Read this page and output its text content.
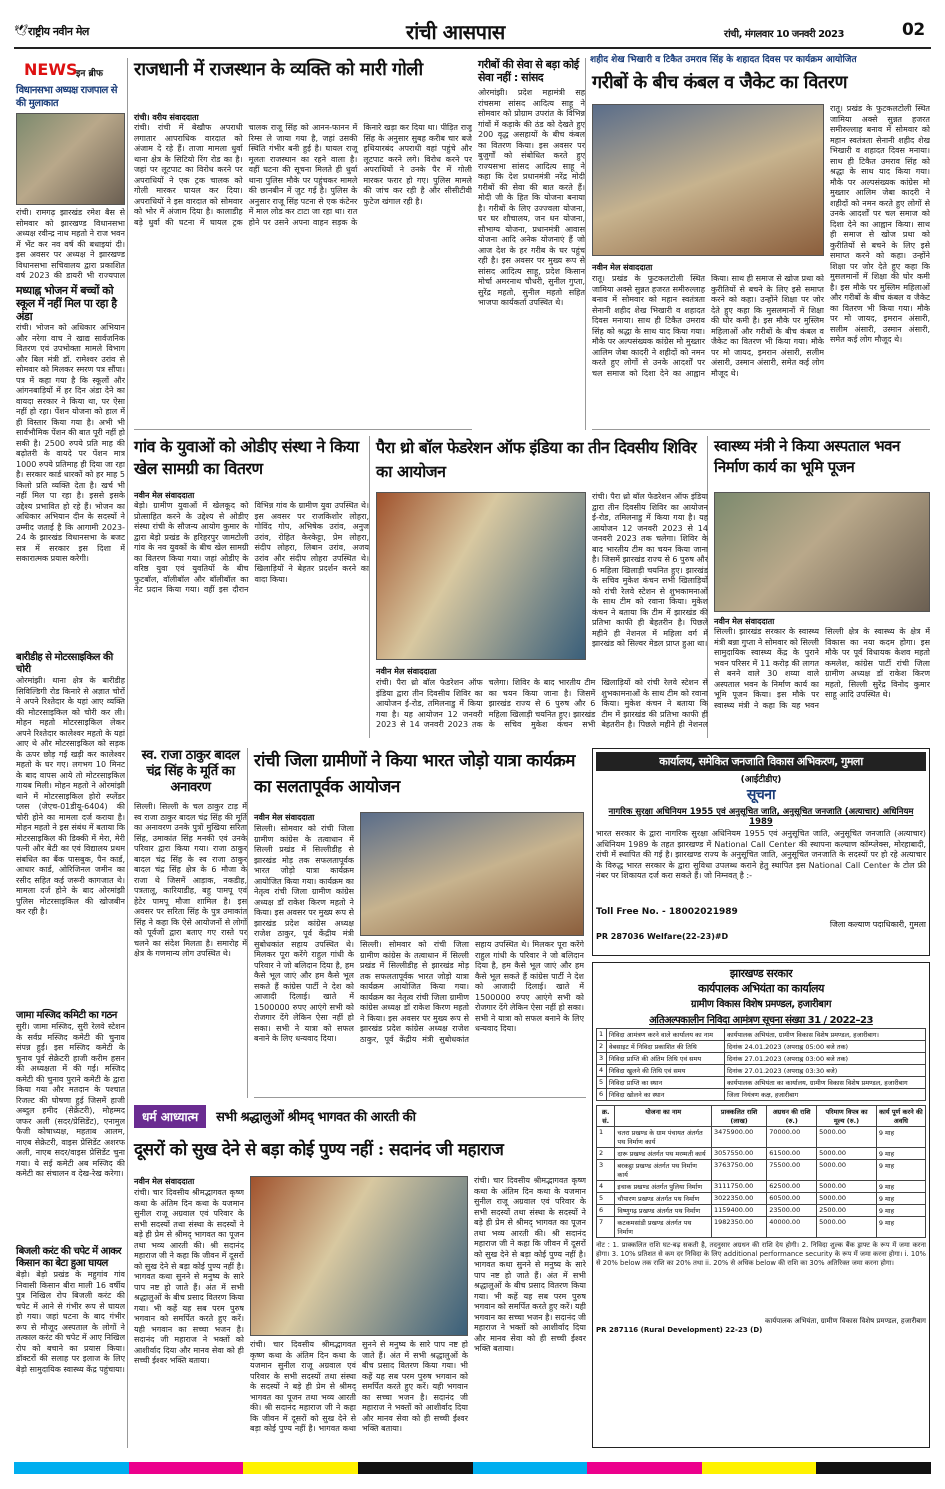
🕊 राष्ट्रीय नवीन मेल	रांची आसपास	रांची, मंगलवार 10 जनवरी 2023	02
शहीद शेख भिखारी व टिकैत उमराव सिंह के शहादत दिवस पर कार्यक्रम आयोजित
NEWS
इन ब्रीफ
विधानसभा अध्यक्ष राजपाल से की मुलाकात
रांची। रामगढ़ झारखंड रमेश बैस से सोमवार को झारखण्ड विधानसभा अध्यक्ष रवीन्द्र नाथ महतो ने राज भवन में भेंट कर नव वर्ष की बधाइयां दी। इस अवसर पर अध्यक्ष ने झारखण्ड विधानसभा सचिवालय द्वारा प्रकाशित वर्ष 2023 की डायरी भी राज्यपाल
मध्याह्न भोजन में बच्चों को स्कूल में नहीं मिल पा रहा है अंडा
रांची। भोजन को अधिकार अभियान और नरेगा वाच ने खाद्य सार्वजनिक वितरण एवं उपभोक्ता मामले विभाग और बिल मंत्री डॉ. रामेश्वर उरांव से सोमवार को मिलकर स्मरण पत्र सौंपा। पत्र में कहा गया है कि स्कूलों और आंगनबाड़ियों में हर दिन अंडा देने का वायदा सरकार ने किया था, पर ऐसा नहीं हो रहा। पेंशन योजना को हाल में ही विस्तार किया गया है। अभी भी सार्वभौमिक पेंशन की बात पूरी नहीं हो सकी है। 2500 रुपये प्रति माह की बढ़ोतरी के वायदे पर पेंशन मात्र 1000 रुपये प्रतिमाह ही दिया जा रहा है। सरकार कार्ड धारकों को हर माह 5 किलो प्रति व्यक्ति देता है। खर्च भी नहीं मिल पा रहा है। इससे इसके उद्देश्य प्रभावित हो रहे हैं। भोजन का अधिकार अभियान दीन के सदस्यों ने उम्मीद जताई है कि आगामी 2023-24 के झारखंड विधानसभा के बजट सत्र में सरकार इस दिशा में सकारात्मक प्रयास करेगी।
बारीडीह से मोटरसाइकिल की चोरी
ओरमांझी। थाना क्षेत्र के बारीडीह सिविल्डिगी रोड किनारे से अज्ञात चोरों ने अपने रिश्तेदार के यहां आए व्यक्ति की मोटरसाइकिल को चोरी कर ली। मोहन महतो मोटरसाइकिल लेकर अपने रिश्तेदार कालेश्वर महतो के यहां आए थे और मोटरसाइकिल को सड़क के ऊपर छोड़ गई खड़ी कर कालेश्वर महतो के घर गए। लगभग 10 मिनट के बाद वापस आये तो मोटरसाइकिल गायब मिली। मोहन महतो ने ओरमांझी थाने में मोटरसाइकिल होरो स्प्लेंडर प्लस (जेएच-01डीयू-6404) की चोरी होने का मामला दर्ज कराया है। मोहन महतो ने इस संबंध में बताया कि मोटरसाइकिल की डिक्की में मेरा, मेरी पत्नी और बेटी का एवं विद्यालय प्रथम संबधित का बैंक पासबुक, पैन कार्ड, आधार कार्ड, ओरिजिनल जमीन का रसीद सहित कई जरूरी कागजात थे। मामला दर्ज होने के बाद ओरमांझी पुलिस मोटरसाइकिल की खोजबीन कर रही है।
जामा मस्जिद कमिटी का गठन
सुरी। जामा मस्जिद, सुरी रेलवे स्टेशन के सर्वप्र मस्जिद कमेटी की चुनाव संपन्न हुई। इस मस्जिद कमेटी के चुनाव पूर्व सेक्रेटरी हाजी करीम हसन की अध्यक्षता में की गई। मस्जिद कमेटी की चुनाव पुराने कमेटी के द्वारा किया गया और मतदान के पश्चात रिजल्ट की घोषणा हुई जिसमें हाजी अब्दुल हमीद (सेक्रेटरी), मोहम्मद जफर अली (सदर/प्रेसिडेंट), एनामुल फैजी कोषाध्यक्ष, महताब आलम, नाएब सेक्रेटरी, वाइस प्रेसिडेंट अशरफ अली, नाएब सदर/वाइस प्रेसिडेंट चुना गया। ये सई कमेटी अब मस्जिद की कमेटी का संचालन व देख-रेख करेगा।
बिजली करंट की चपेट में आकर किसान का बेटा हुआ घायल
बेड़ो। बेड़ो प्रखंड के महुगांव गांव निवासी किसान बीरा माली 16 वर्षीय पुत्र निखिल रोप बिजली करंट की चपेट में आने से गंभीर रूप से घायल हो गया। जहां घटना के बाद गंभीर रूप से मौजूद अस्पताल के लोगों ने तत्काल करंट की चपेट में आए निखिल रोप को बचाने का प्रयास किया। डॉक्टरों की सलाह पर इलाज के लिए बेड़ो सामुदायिक स्वास्थ्य केंद्र पहुंचाया।
राजधानी में राजस्थान के व्यक्ति को मारी गोली
रांची। वरीय संवाददाता
रांची। रांची में बेखौफ अपराधी लगातार आपराधिक वारदात को अंजाम दे रहे हैं। ताजा मामला धुर्वा थाना क्षेत्र के सिटियो रिंग रोड का है। जहां पर लूटपाट का विरोध करने पर अपराधियों ने एक ट्रक चालक को गोली मारकर घायल कर दिया। अपराधियों ने इस वारदात को सोमवार को भोर में अंजाम दिया है। कालाडीह बड़े धुर्वा की घटना में घायल ट्रक चालक राजू सिंह को आनन-फानन में रिम्स ले जाया गया है, जहां उसकी स्थिति गंभीर बनी हुई है। घायल राजू मूलतः राजस्थान का रहने वाला है। वहीं घटना की सूचना मिलते ही धुर्वा थाना पुलिस मौके पर पहुंचकर मामले की छानबीन में जुट गई है। पुलिस के अनुसार राजू सिंह पटना से एक कंटेनर में माल लोड कर टाटा जा रहा था। रात होने पर उसने अपना वाहन सड़क के किनारे खड़ा कर दिया था। पीड़ित राजू सिंह के अनुसार सुबह करीब चार बजे हथियारबंद अपराधी वहां पहुंचे और लूटपाट करने लगे। विरोध करने पर अपराधियों ने उनके पैर में गोली मारकर फरार हो गए। पुलिस मामले की जांच कर रही है और सीसीटीवी फुटेज खंगाल रही है।
गरीबों की सेवा से बड़ा कोई सेवा नहीं : सांसद
ओरमांझी। प्रदेश महामंत्री सह रांचसमा सांसद आदित्य साहू ने सोमवार को प्रोग्राम उपरांत के विभिन्न गांवों में कड़ाके की ठंड को देखते हुए 200 वृद्ध असहायों के बीच कंबल का वितरण किया। इस अवसर पर बुजुर्गों को संबोधित करते हुए राज्यसभा सांसद आदित्य साहू ने कहा कि देश प्रधानमंत्री नरेंद्र मोदी गरीबों की सेवा की बात करते हैं। मोदी जी के हित कि योजना बनाया है। गरीबों के लिए उज्ज्वला योजना, घर घर शौचालय, जन धन योजना, सौभाग्य योजना, प्रधानमंत्री आवास योजना आदि अनेक योजनाएं हैं जो आज देश के हर गरीब के घर पहुंच रही है। इस अवसर पर मुख्य रूप से सांसद आदित्य साहू, प्रदेश किसान मोर्चा अमरनाथ चौधरी, सुनील गुप्ता, सुरेंद्र महतो, सुनील महतो सहित भाजपा कार्यकर्ता उपस्थित थे।
गरीबों के बीच कंबल व जैकेट का वितरण
रातू। प्रखंड के फुटकलटोली स्थित जामिया अक्से सुन्नत हजरत समीरुल्लाह बनाव में सोमवार को महान स्वतंत्रता सेनानी शहीद शेख भिखारी व शहादत दिवस मनाया। साथ ही टिकैत उमराव सिंह को श्रद्धा के साथ याद किया गया। मौके पर अल्पसंख्यक कांग्रेस मो मुख्तार आलिम जेबा कादरी ने शहीदों को नमन करते हुए लोगों से उनके आदर्शों पर चल समाज को दिशा देने का आह्वान किया। साथ ही समाज से खोज प्रथा को कुरीतियों से बचने के लिए इसे समाप्त करने को कहा। उन्होंने शिक्षा पर जोर देते हुए कहा कि मुसलमानों में शिक्षा की घोर कमी है। इस मौके पर मुस्लिम महिलाओं और गरीबों के बीच कंबल व जैकेट का वितरण भी किया गया। मौके पर मो जायद, इमरान अंसारी, सलीम अंसारी, उस्मान अंसारी, समेत कई लोग मौजूद थे।
नवीन मेल संवाददाता
रातू। प्रखंड के फुटकलटोली स्थित जामिया अक्से सुन्नत हजरत समीरुल्लाह बनाव में सोमवार को महान स्वतंत्रता सेनानी शहीद शेख भिखारी व शहादत दिवस मनाया। साथ ही टिकैत उमराव सिंह को श्रद्धा के साथ याद किया गया। मौके पर अल्पसंख्यक कांग्रेस मो मुख्तार आलिम जेबा कादरी ने शहीदों को नमन करते हुए लोगों से उनके आदर्शों पर चल समाज को दिशा देने का आह्वान किया। साथ ही समाज से खोज प्रथा को कुरीतियों से बचने के लिए इसे समाप्त करने को कहा। उन्होंने शिक्षा पर जोर देते हुए कहा कि मुसलमानों में शिक्षा की घोर कमी है। इस मौके पर मुस्लिम महिलाओं और गरीबों के बीच कंबल व जैकेट का वितरण भी किया गया। मौके पर मो जायद, इमरान अंसारी, सलीम अंसारी, उस्मान अंसारी, समेत कई लोग मौजूद थे।
गांव के युवाओं को ओडीए संस्था ने किया खेल सामग्री का वितरण
नवीन मेल संवाददाता
बेड़ो। ग्रामीण युवाओं में खेलकूद को प्रोत्साहित करने के उद्देश्य से ओडीए संस्था रांची के सौजन्य आयोग कुमार के द्वारा बेड़ो प्रखंड के हरिहरपुर जामटोली गांव के नव युवकों के बीच खेल सामग्री का वितरण किया गया। जहां ओडीए के वरिष्ठ युवा एवं युवतियों के बीच फुटबॉल, वॉलीबॉल और बॉलीबॉल का नेट प्रदान किया गया। वहीं इस दौरान विभिन्न गांव के ग्रामीण युवा उपस्थित थे। इस अवसर पर राजकिशोर लोहरा, गोविंद गोप, अभिषेक उरांव, अनुज उरांव, रोहित केरकेट्टा, प्रेम लोहरा, संदीप लोहरा, लिबान उरांव, अजय उरांव और संदीप लोहरा उपस्थित थे। खिलाड़ियों ने बेहतर प्रदर्शन करने का वादा किया।
पैरा थ्रो बॉल फेडरेशन ऑफ इंडिया का तीन दिवसीय शिविर का आयोजन
रांची। पैरा थ्रो बॉल फेडरेशन ऑफ इंडिया द्वारा तीन दिवसीय शिविर का आयोजन ई-रोड, तमिलनाडु में किया गया है। यह आयोजन 12 जनवरी 2023 से 14 जनवरी 2023 तक चलेगा। शिविर के बाद भारतीय टीम का चयन किया जाना है। जिसमें झारखंड राज्य से 6 पुरुष और 6 महिला खिलाड़ी चयनित हुए। झारखंड के सचिव मुकेश कंचन सभी खिलाड़ियों को रांची रेलवे स्टेशन से शुभकामनाओं के साथ टीम को रवाना किया। मुकेश कंचन ने बताया कि टीम में झारखंड की प्रतिभा काफी ही बेहतरीन है। पिछले महीने ही नेशनल में महिला वर्ग में झारखंड को सिल्वर मेडल प्राप्त हुआ था।
नवीन मेल संवाददाता
रांची। पैरा थ्रो बॉल फेडरेशन ऑफ इंडिया द्वारा तीन दिवसीय शिविर का आयोजन ई-रोड, तमिलनाडु में किया गया है। यह आयोजन 12 जनवरी 2023 से 14 जनवरी 2023 तक चलेगा। शिविर के बाद भारतीय टीम का चयन किया जाना है। जिसमें झारखंड राज्य से 6 पुरुष और 6 महिला खिलाड़ी चयनित हुए। झारखंड के सचिव मुकेश कंचन सभी खिलाड़ियों को रांची रेलवे स्टेशन से शुभकामनाओं के साथ टीम को रवाना किया। मुकेश कंचन ने बताया कि टीम में झारखंड की प्रतिभा काफी ही बेहतरीन है। पिछले महीने ही नेशनल
स्वास्थ्य मंत्री ने किया अस्पताल भवन निर्माण कार्य का भूमि पूजन
नवीन मेल संवाददाता
सिल्ली। झारखंड सरकार के स्वास्थ्य मंत्री बन्ना गुप्ता ने सोमवार को सिल्ली सामुदायिक स्वास्थ्य केंद्र के पुराने भवन परिसर में 11 करोड़ की लागत से बनने वाले 30 शय्या वाले अस्पताल भवन के निर्माण कार्य का भूमि पूजन किया। इस मौके पर स्वास्थ्य मंत्री ने कहा कि यह भवन सिल्ली क्षेत्र के स्वास्थ्य के क्षेत्र में विकास का नया कदम होगा। इस मौके पर पूर्व विधायक केशव महतो कमलेश, कांग्रेस पार्टी रांची जिला ग्रामीण अध्यक्ष डॉ राकेश किरण महतो, सिल्ली सुरेंद्र विनोद कुमार साहू आदि उपस्थित थे।
स्व. राजा ठाकुर बादल चंद्र सिंह के मूर्ति का अनावरण
सिल्ली। सिल्ली के चल ठाकुर टाड़ में स्व राजा ठाकुर बादल चंद्र सिंह की मूर्ति का अनावरण उनके पुत्रों मुखिया सरिता सिंह, उमाकांत सिंह मनकी एवं उनके परिवार द्वारा किया गया। राजा ठाकुर बादल चंद्र सिंह के स्व राजा ठाकुर बादल चंद्र सिंह क्षेत्र के 6 मौजा के राजा थे जिसमें आड़ाक, नकडीह, पत्रतालू, कारियाडीह, बहु पामपू एवं हेटेर पामपू मौजा शामिल है। इस अवसर पर सरिता सिंह के पुत्र उमाकांत सिंह ने कहा कि ऐसे आयोजनों से लोगों को पूर्वजों द्वारा बताए गए रास्ते पर चलने का संदेश मिलता है। समारोह में क्षेत्र के गणमान्य लोग उपस्थित थे।
रांची जिला ग्रामीणों ने किया भारत जोड़ो यात्रा कार्यक्रम का सलतापूर्वक आयोजन
नवीन मेल संवाददाता
सिल्ली। सोमवार को रांची जिला ग्रामीण कांग्रेस के तत्वाधान में सिल्ली प्रखंड में सिल्लीडीह से झारखंड मोड़ तक सफलतापूर्वक भारत जोड़ो यात्रा कार्यक्रम आयोजित किया गया। कार्यक्रम का नेतृत्व रांची जिला ग्रामीण कांग्रेस अध्यक्ष डॉ राकेश किरण महतो ने किया। इस अवसर पर मुख्य रूप से झारखंड प्रदेश कांग्रेस अध्यक्ष राजेश ठाकुर, पूर्व केंद्रीय मंत्री सुबोधकांत सहाय उपस्थित थे। मिलकर पूरा करेंगे राहुल गांधी के परिवार ने जो बलिदान दिया है, हम कैसे भूल जाएं और हम कैसे भूल सकते हैं कांग्रेस पार्टी ने देश को आजादी दिलाई। खाते में 1500000 रुपए आएंगे सभी को रोजगार देंगे लेकिन ऐसा नहीं हो सका। सभी ने यात्रा को सफल बनाने के लिए धन्यवाद दिया।
सिल्ली। सोमवार को रांची जिला ग्रामीण कांग्रेस के तत्वाधान में सिल्ली प्रखंड में सिल्लीडीह से झारखंड मोड़ तक सफलतापूर्वक भारत जोड़ो यात्रा कार्यक्रम आयोजित किया गया। कार्यक्रम का नेतृत्व रांची जिला ग्रामीण कांग्रेस अध्यक्ष डॉ राकेश किरण महतो ने किया। इस अवसर पर मुख्य रूप से झारखंड प्रदेश कांग्रेस अध्यक्ष राजेश ठाकुर, पूर्व केंद्रीय मंत्री सुबोधकांत सहाय उपस्थित थे। मिलकर पूरा करेंगे राहुल गांधी के परिवार ने जो बलिदान दिया है, हम कैसे भूल जाएं और हम कैसे भूल सकते हैं कांग्रेस पार्टी ने देश को आजादी दिलाई। खाते में 1500000 रुपए आएंगे सभी को रोजगार देंगे लेकिन ऐसा नहीं हो सका। सभी ने यात्रा को सफल बनाने के लिए धन्यवाद दिया।
कार्यालय, समेकित जनजाति विकास अभिकरण, गुमला
(आईटीडीए)
सूचना
नागरिक सुरक्षा अधिनियम 1955 एवं अनुसूचित जाति, अनुसूचित जनजाति (अत्याचार) अधिनियम 1989
भारत सरकार के द्वारा नागरिक सुरक्षा अधिनियम 1955 एवं अनुसूचित जाति, अनुसूचित जनजाति (अत्याचार) अधिनियम 1989 के तहत झारखण्ड में National Call Center की स्थापना कल्याण कॉम्प्लेक्स, मोरहाबादी, रांची में स्थापित की गई है। झारखण्ड राज्य के अनुसूचित जाति, अनुसूचित जनजाति के सदस्यों पर हो रहे अत्याचार के विरुद्ध भारत सरकार के द्वारा सुविधा उपलब्ध कराने हेतु स्थापित इस National Call Center के टोल फ्री नंबर पर शिकायत दर्ज करा सकते हैं। जो निम्नवत् है :-
Toll Free No. - 18002021989
जिला कल्याण पदाधिकारी, गुमला
PR 287036 Welfare(22-23)#D
झारखण्ड सरकार
कार्यपालक अभियंता का कार्यालय
ग्रामीण विकास विशेष प्रमण्डल, हजारीबाग
अतिअल्पकालीन निविदा आमंत्रण सूचना संख्या 31 / 2022–23
1	निविदा आमंत्रण करने वाले कार्यालय का नाम	कार्यपालक अभियंता, ग्रामीण विकास विशेष प्रमण्डल, हजारीबाग।
2	वेबसाइट में निविदा प्रकाशित की तिथि	दिनांक 24.01.2023 (अपराह्न 05:00 बजे तक)
3	निविदा प्राप्ति की अंतिम तिथि एवं समय	दिनांक 27.01.2023 (अपराह्न 03:00 बजे तक)
4	निविदा खुलने की तिथि एवं समय	दिनांक 27.01.2023 (अपराह्न 03:30 बजे)
5	निविदा प्राप्ति का स्थान	कार्यपालक अभियंता का कार्यालय, ग्रामीण विकास विशेष प्रमण्डल, हजारीबाग
6	निविदा खोलने का स्थान	जिला नियंत्रण कक्ष, हजारीबाग
क्र. सं.	योजना का नाम	प्राक्कलित राशि (लाख)	अग्रधन की राशि (रु.)	परिमाण विपत्र का मूल्य (रु.)	कार्य पूर्ण करने की अवधि
1	चतरा प्रखण्ड के ग्राम पंचायत अंतर्गत पथ निर्माण कार्य	3475900.00	70000.00	5000.00	9 माह
2	दारू प्रखण्ड अंतर्गत पथ मरम्मती कार्य	3057550.00	61500.00	5000.00	9 माह
3	बरकट्ठा प्रखण्ड अंतर्गत पथ निर्माण कार्य	3763750.00	75500.00	5000.00	9 माह
4	इचाक प्रखण्ड अंतर्गत पुलिया निर्माण	3111750.00	62500.00	5000.00	9 माह
5	चौपारण प्रखण्ड अंतर्गत पथ निर्माण	3022350.00	60500.00	5000.00	9 माह
6	विष्णुगढ़ प्रखण्ड अंतर्गत पथ निर्माण	1159400.00	23500.00	2500.00	9 माह
7	कटकमसांडी प्रखण्ड अंतर्गत पथ निर्माण	1982350.00	40000.00	5000.00	9 माह
नोट : 1. प्राक्कलित राशि घट-बढ़ सकती है, तदनुसार अग्रधन की राशि देय होगी। 2. निविदा शुल्क बैंक ड्राफ्ट के रूप में जमा करना होगा। 3. 10% प्रतिशत से कम दर निविदा के लिए additional performance security के रूप में जमा करना होगा। i. 10% से 20% below तक राशि का 20% तथा ii. 20% से अधिक below की राशि का 30% अतिरिक्त जमा करना होगा।
कार्यपालक अभियंता, ग्रामीण विकास विशेष प्रमण्डल, हजारीबाग
PR 287116 (Rural Development) 22-23 (D)
धर्म आध्यात्म	सभी श्रद्धालुओं श्रीमद् भागवत की आरती की
दूसरों को सुख देने से बड़ा कोई पुण्य नहीं : सदानंद जी महाराज
नवीन मेल संवाददाता
रांची। चार दिवसीय श्रीमद्भागवत कृष्ण कथा के अंतिम दिन कथा के यजमान सुनील राजू अग्रवाल एवं परिवार के सभी सदस्यों तथा संस्था के सदस्यों ने बड़े ही प्रेम से श्रीमद् भागवत का पूजन तथा भव्य आरती की। श्री सदानंद महाराज जी ने कहा कि जीवन में दूसरों को सुख देने से बड़ा कोई पुण्य नहीं है। भागवत कथा सुनने से मनुष्य के सारे पाप नष्ट हो जाते हैं। अंत में सभी श्रद्धालुओं के बीच प्रसाद वितरण किया गया। भी कहें यह सब परम पुरुष भगवान को समर्पित करते हुए करें। यही भगवान का सच्चा भजन है। सदानंद जी महाराज ने भक्तों को आशीर्वाद दिया और मानव सेवा को ही सच्ची ईश्वर भक्ति बताया।
रांची। चार दिवसीय श्रीमद्भागवत कृष्ण कथा के अंतिम दिन कथा के यजमान सुनील राजू अग्रवाल एवं परिवार के सभी सदस्यों तथा संस्था के सदस्यों ने बड़े ही प्रेम से श्रीमद् भागवत का पूजन तथा भव्य आरती की। श्री सदानंद महाराज जी ने कहा कि जीवन में दूसरों को सुख देने से बड़ा कोई पुण्य नहीं है। भागवत कथा सुनने से मनुष्य के सारे पाप नष्ट हो जाते हैं। अंत में सभी श्रद्धालुओं के बीच प्रसाद वितरण किया गया। भी कहें यह सब परम पुरुष भगवान को समर्पित करते हुए करें। यही भगवान का सच्चा भजन है। सदानंद जी महाराज ने भक्तों को आशीर्वाद दिया और मानव सेवा को ही सच्ची ईश्वर भक्ति बताया।
रांची। चार दिवसीय श्रीमद्भागवत कृष्ण कथा के अंतिम दिन कथा के यजमान सुनील राजू अग्रवाल एवं परिवार के सभी सदस्यों तथा संस्था के सदस्यों ने बड़े ही प्रेम से श्रीमद् भागवत का पूजन तथा भव्य आरती की। श्री सदानंद महाराज जी ने कहा कि जीवन में दूसरों को सुख देने से बड़ा कोई पुण्य नहीं है। भागवत कथा सुनने से मनुष्य के सारे पाप नष्ट हो जाते हैं। अंत में सभी श्रद्धालुओं के बीच प्रसाद वितरण किया गया। भी कहें यह सब परम पुरुष भगवान को समर्पित करते हुए करें। यही भगवान का सच्चा भजन है। सदानंद जी महाराज ने भक्तों को आशीर्वाद दिया और मानव सेवा को ही सच्ची ईश्वर भक्ति बताया।
